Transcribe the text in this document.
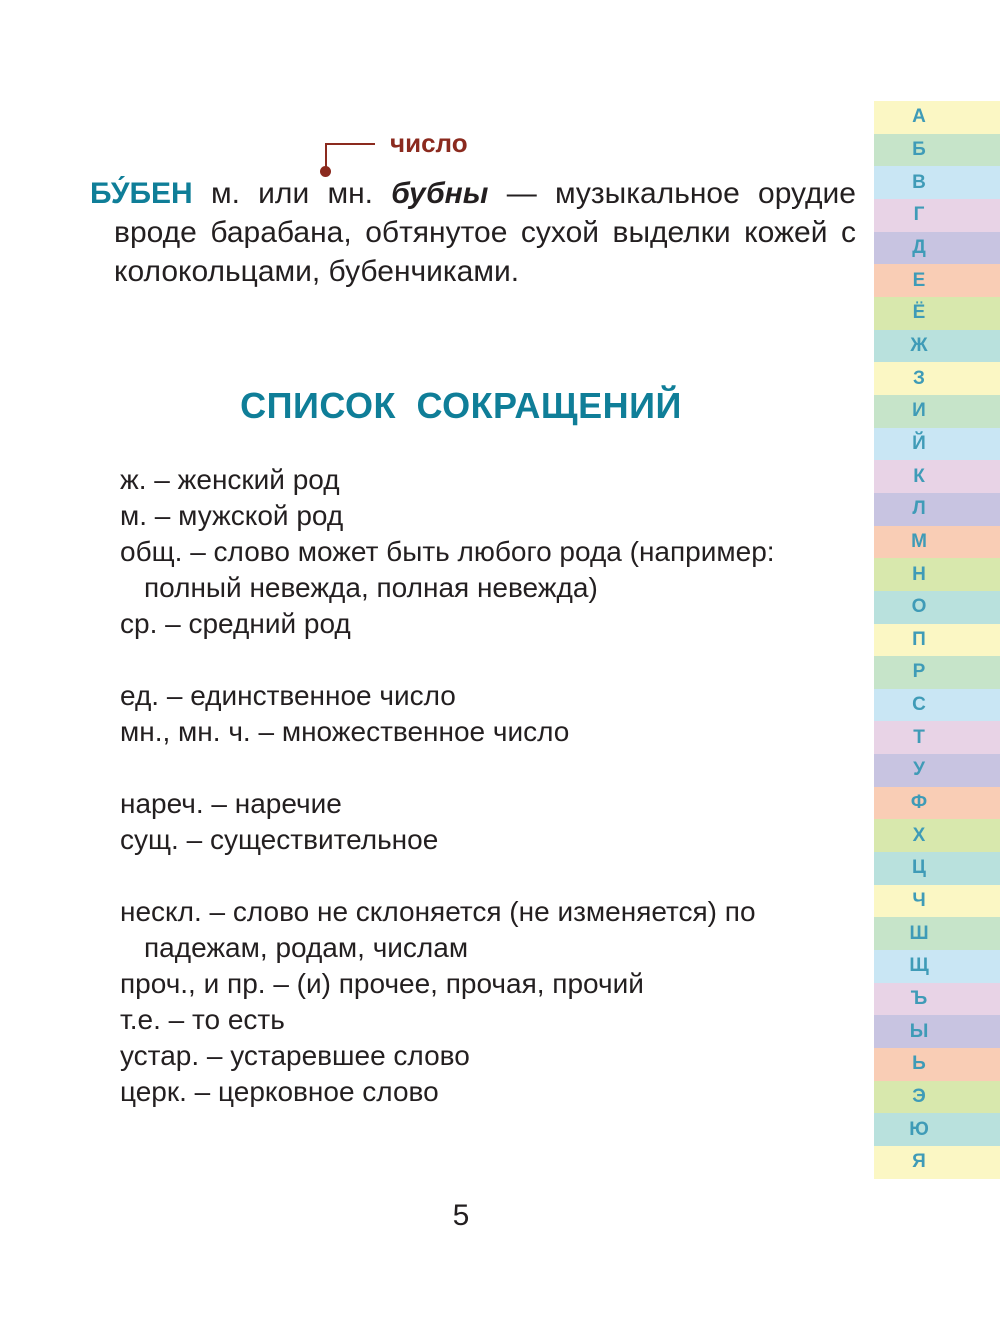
число

БУ́БЕН м. или мн. бубны — музыкальное орудие вроде барабана, обтянутое сухой выделки кожей с колокольцами, бубенчиками.

СПИСОК СОКРАЩЕНИЙ
ж. – женский род
м. – мужской род
общ. – слово может быть любого рода (например: полный невежда, полная невежда)
ср. – средний род
ед. – единственное число
мн., мн. ч. – множественное число
нареч. – наречие
сущ. – существительное
нескл. – слово не склоняется (не изменяется) по падежам, родам, числам
проч., и пр. – (и) прочее, прочая, прочий
т.е. – то есть
устар. – устаревшее слово
церк. – церковное слово
5
А
Б
В
Г
Д
Е
Ё
Ж
З
И
Й
К
Л
М
Н
О
П
Р
С
Т
У
Ф
Х
Ц
Ч
Ш
Щ
Ъ
Ы
Ь
Э
Ю
Я
